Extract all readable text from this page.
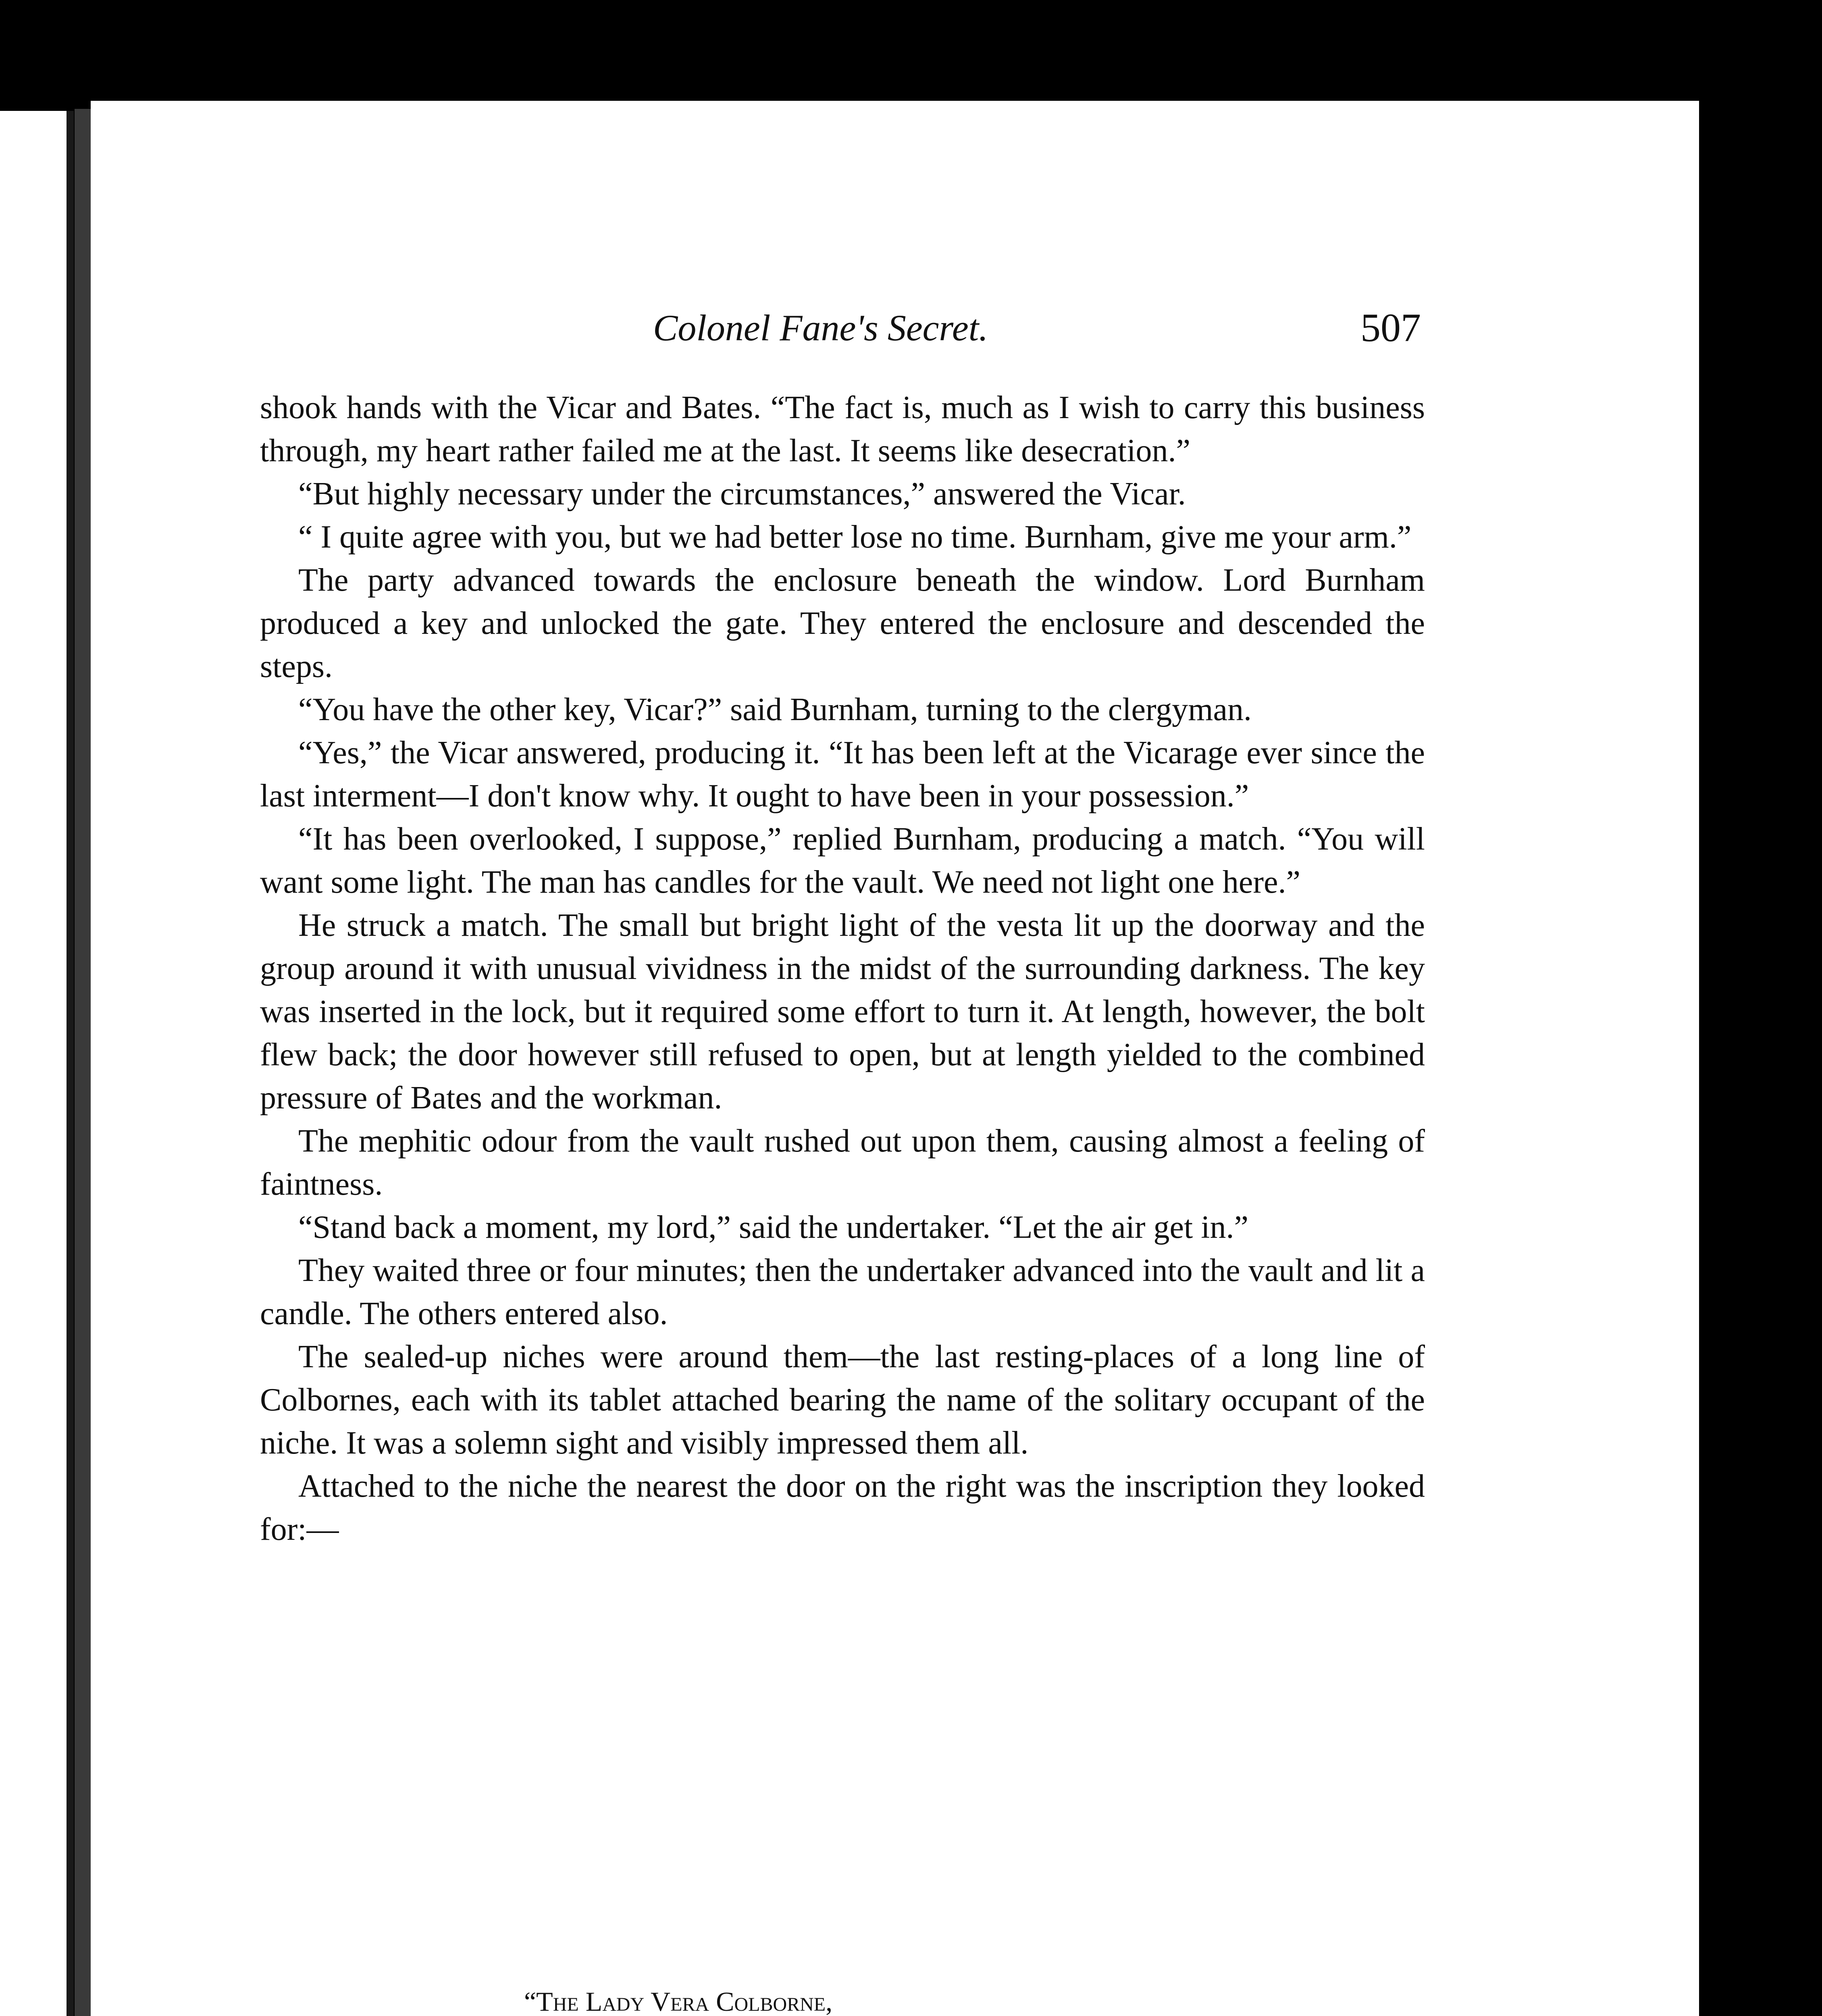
Colonel Fane's Secret.	507

shook hands with the Vicar and Bates. “The fact is, much as I wish to carry this business through, my heart rather failed me at the last. It seems like desecration.”

“But highly necessary under the circumstances,” answered the Vicar.

“ I quite agree with you, but we had better lose no time. Burnham, give me your arm.”

The party advanced towards the enclosure beneath the window. Lord Burnham produced a key and unlocked the gate. They entered the enclosure and descended the steps.

“You have the other key, Vicar?” said Burnham, turning to the clergyman.

“Yes,” the Vicar answered, producing it. “It has been left at the Vicarage ever since the last interment—I don't know why. It ought to have been in your possession.”

“It has been overlooked, I suppose,” replied Burnham, producing a match. “You will want some light. The man has candles for the vault. We need not light one here.”

He struck a match. The small but bright light of the vesta lit up the doorway and the group around it with unusual vividness in the midst of the surrounding darkness. The key was inserted in the lock, but it required some effort to turn it. At length, however, the bolt flew back; the door however still refused to open, but at length yielded to the combined pressure of Bates and the workman.

The mephitic odour from the vault rushed out upon them, causing almost a feeling of faintness.

“Stand back a moment, my lord,” said the undertaker. “Let the air get in.”

They waited three or four minutes; then the undertaker advanced into the vault and lit a candle. The others entered also.

The sealed-up niches were around them—the last resting-places of a long line of Colbornes, each with its tablet attached bearing the name of the solitary occupant of the niche. It was a solemn sight and visibly impressed them all.

Attached to the niche the nearest the door on the right was the inscription they looked for:—

“The Lady Vera Colborne,
